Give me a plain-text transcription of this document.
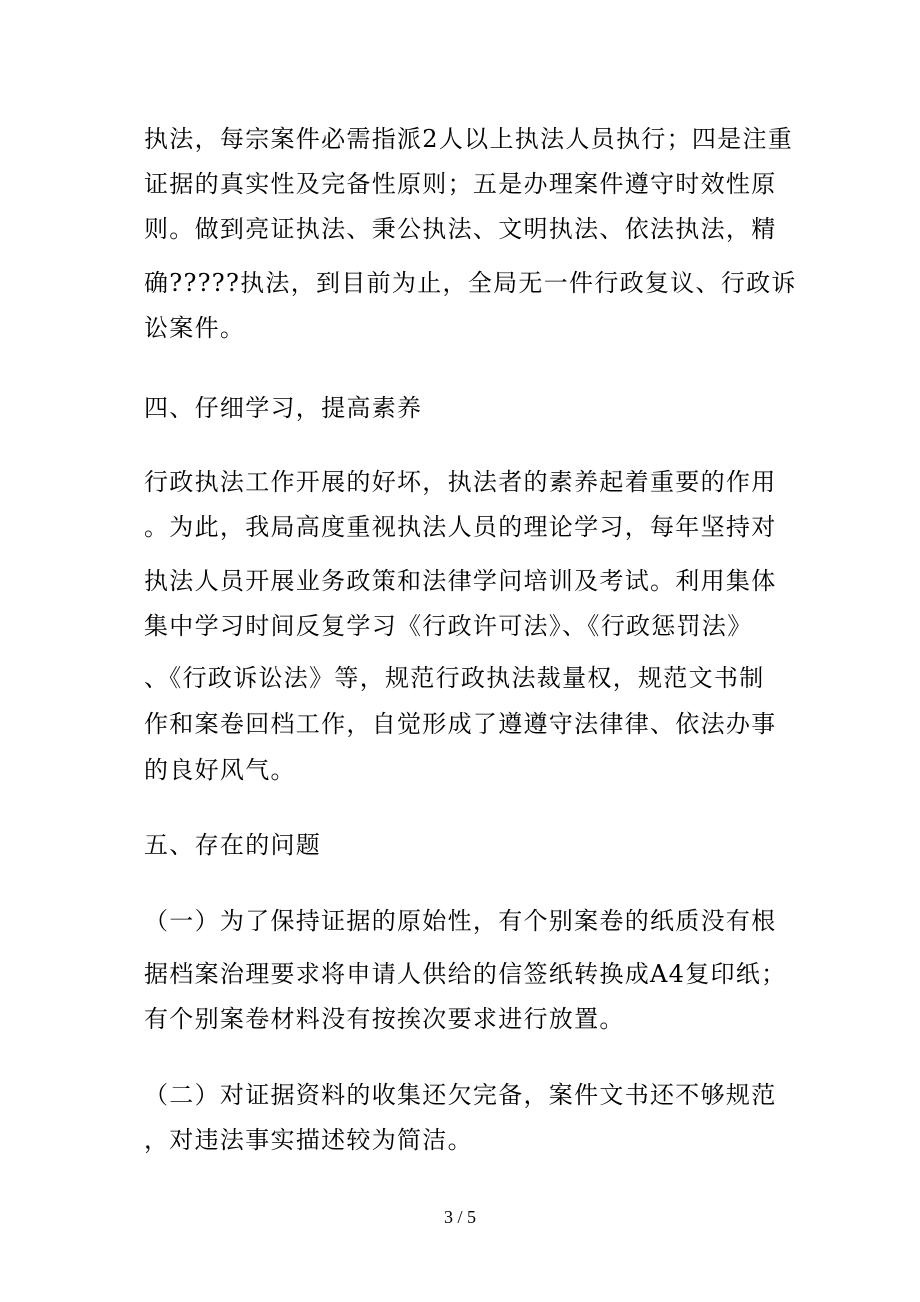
执法，每宗案件必需指派2人以上执法人员执行；四是注重
证据的真实性及完备性原则；五是办理案件遵守时效性原
则。做到亮证执法、秉公执法、文明执法、依法执法，精
确?????执法，到目前为止，全局无一件行政复议、行政诉
讼案件。
四、仔细学习，提高素养
行政执法工作开展的好坏，执法者的素养起着重要的作用
。为此，我局高度重视执法人员的理论学习，每年坚持对
执法人员开展业务政策和法律学问培训及考试。利用集体
集中学习时间反复学习《行政许可法》、《行政惩罚法》
、《行政诉讼法》等，规范行政执法裁量权，规范文书制
作和案卷回档工作，自觉形成了遵遵守法律律、依法办事
的良好风气。
五、存在的问题
（一）为了保持证据的原始性，有个别案卷的纸质没有根
据档案治理要求将申请人供给的信签纸转换成A4复印纸；
有个别案卷材料没有按挨次要求进行放置。
（二）对证据资料的收集还欠完备，案件文书还不够规范
，对违法事实描述较为简洁。
3 / 5
